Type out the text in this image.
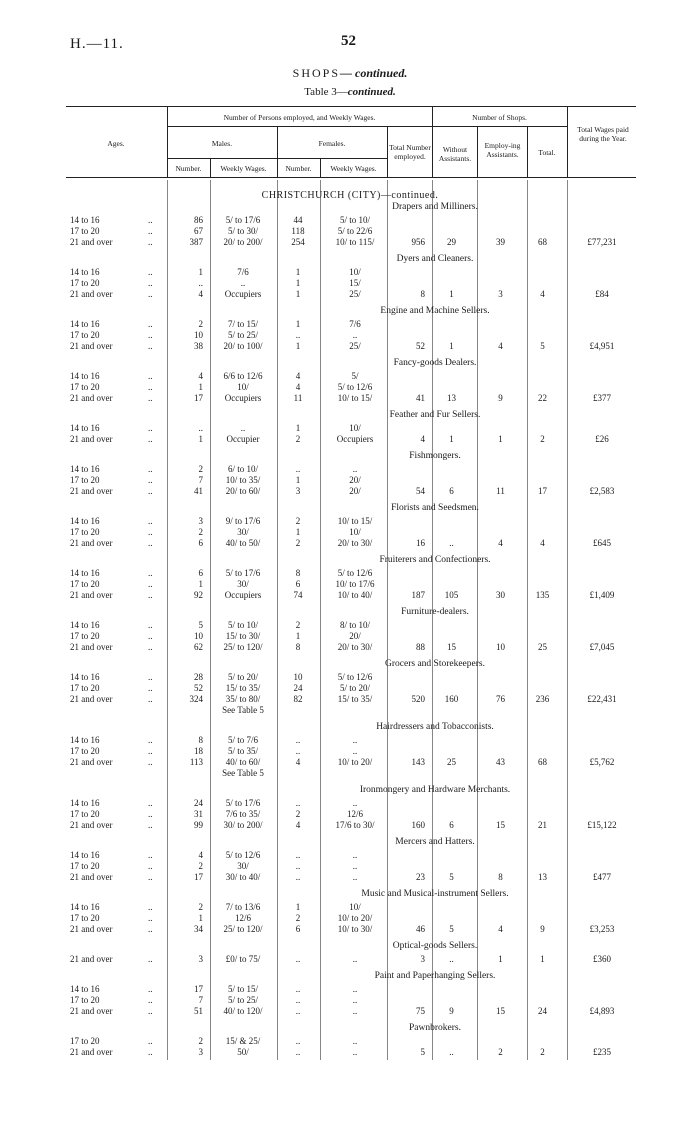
H.—11.	52
SHOPS— continued.
Table 3—continued.
Ages.
Number of Persons employed, and Weekly Wages.	Number of Shops.
Total Wages paid during the Year.
Males.	Females.
Number.	Weekly Wages.	Number.	Weekly Wages.
Total Number employed.
Without Assistants.
Employ-ing Assistants.	Total.
CHRISTCHURCH (CITY)—continued.
Drapers and Milliners.
14 to 16	..	86	5/ to 17/6	44	5/ to 10/
17 to 20	..	67	5/ to 30/	118	5/ to 22/6
21 and over	..	387	20/ to 200/	254	10/ to 115/	956	29	39	68	£77,231
Dyers and Cleaners.
14 to 16	..	1	7/6	1	10/
17 to 20	..	..	..	1	15/
21 and over	..	4	Occupiers	1	25/	8	1	3	4	£84
Engine and Machine Sellers.
14 to 16	..	2	7/ to 15/	1	7/6
17 to 20	..	10	5/ to 25/	..	..
21 and over	..	38	20/ to 100/	1	25/	52	1	4	5	£4,951
Fancy-goods Dealers.
14 to 16	..	4	6/6 to 12/6	4	5/
17 to 20	..	1	10/	4	5/ to 12/6
21 and over	..	17	Occupiers	11	10/ to 15/	41	13	9	22	£377
Feather and Fur Sellers.
14 to 16	..	..	..	1	10/
21 and over	..	1	Occupier	2	Occupiers	4	1	1	2	£26
Fishmongers.
14 to 16	..	2	6/ to 10/	..	..
17 to 20	..	7	10/ to 35/	1	20/
21 and over	..	41	20/ to 60/	3	20/	54	6	11	17	£2,583
Florists and Seedsmen.
14 to 16	..	3	9/ to 17/6	2	10/ to 15/
17 to 20	..	2	30/	1	10/
21 and over	..	6	40/ to 50/	2	20/ to 30/	16	..	4	4	£645
Fruiterers and Confectioners.
14 to 16	..	6	5/ to 17/6	8	5/ to 12/6
17 to 20	..	1	30/	6	10/ to 17/6
21 and over	..	92	Occupiers	74	10/ to 40/	187	105	30	135	£1,409
Furniture-dealers.
14 to 16	..	5	5/ to 10/	2	8/ to 10/
17 to 20	..	10	15/ to 30/	1	20/
21 and over	..	62	25/ to 120/	8	20/ to 30/	88	15	10	25	£7,045
Grocers and Storekeepers.
14 to 16	..	28	5/ to 20/	10	5/ to 12/6
17 to 20	..	52	15/ to 35/	24	5/ to 20/
21 and over	..	324	35/ to 80/	82	15/ to 35/	520	160	76	236	£22,431
See Table 5
Hairdressers and Tobacconists.
14 to 16	..	8	5/ to 7/6	..	..
17 to 20	..	18	5/ to 35/	..	..
21 and over	..	113	40/ to 60/	4	10/ to 20/	143	25	43	68	£5,762
See Table 5
Ironmongery and Hardware Merchants.
14 to 16	..	24	5/ to 17/6	..	..
17 to 20	..	31	7/6 to 35/	2	12/6
21 and over	..	99	30/ to 200/	4	17/6 to 30/	160	6	15	21	£15,122
Mercers and Hatters.
14 to 16	..	4	5/ to 12/6	..	..
17 to 20	..	2	30/	..	..
21 and over	..	17	30/ to 40/	..	..	23	5	8	13	£477
Music and Musical-instrument Sellers.
14 to 16	..	2	7/ to 13/6	1	10/
17 to 20	..	1	12/6	2	10/ to 20/
21 and over	..	34	25/ to 120/	6	10/ to 30/	46	5	4	9	£3,253
Optical-goods Sellers.
21 and over	..	3	£0/ to 75/	..	..	3	..	1	1	£360
Paint and Paperhanging Sellers.
14 to 16	..	17	5/ to 15/	..	..
17 to 20	..	7	5/ to 25/	..	..
21 and over	..	51	40/ to 120/	..	..	75	9	15	24	£4,893
Pawnbrokers.
17 to 20	..	2	15/ & 25/	..	..
21 and over	..	3	50/	..	..	5	..	2	2	£235
